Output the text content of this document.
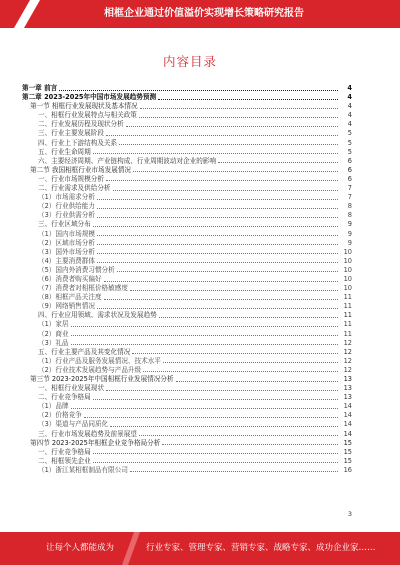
相框企业通过价值溢价实现增长策略研究报告
内容目录
第一章 前言	4
第二章 2023-2025年中国市场发展趋势预测	4
第一节 相框行业发展现状及基本情况	4
一、相框行业发展特点与相关政策	4
二、行业发展历程及现状分析	4
三、行业主要发展阶段	5
四、行业上下游结构及关系	5
五、行业生命周期	5
六、主要经济周期、产业链构成、行业周期波动对企业的影响	6
第二节 我国相框行业市场发展情况	6
一、行业市场规模分析	6
二、行业需求及供给分析	7
（1）市场需求分析	7
（2）行业供给能力	8
（3）行业供需分析	8
三、行业区域分布	9
（1）国内市场规模	9
（2）区域市场分析	9
（3）国外市场分析	10
（4）主要消费群体	10
（5）国内外消费习惯分析	10
（6）消费者购买偏好	10
（7）消费者对相框价格敏感度	10
（8）相框产品关注度	11
（9）网络销售情况	11
四、行业应用领域、需求状况及发展趋势	11
（1）家居	11
（2）商业	11
（3）礼品	12
五、行业主要产品及其变化情况	12
（1）行业产品及服务发展情况、技术水平	12
（2）行业技术发展趋势与产品升级	12
第三节 2023-2025年中国相框行业发展情况分析	13
一、相框行业发展现状	13
二、行业竞争格局	13
（1）品牌	14
（2）价格竞争	14
（3）渠道与产品同质化	14
三、行业市场发展趋势及前景展望	14
第四节 2023-2025年相框企业竞争格局分析	15
一、行业竞争格局	15
二、相框领先企业	15
（1）浙江某相框制品有限公司	16
3
让每个人都能成为	行业专家、管理专家、营销专家、战略专家、成功企业家……
